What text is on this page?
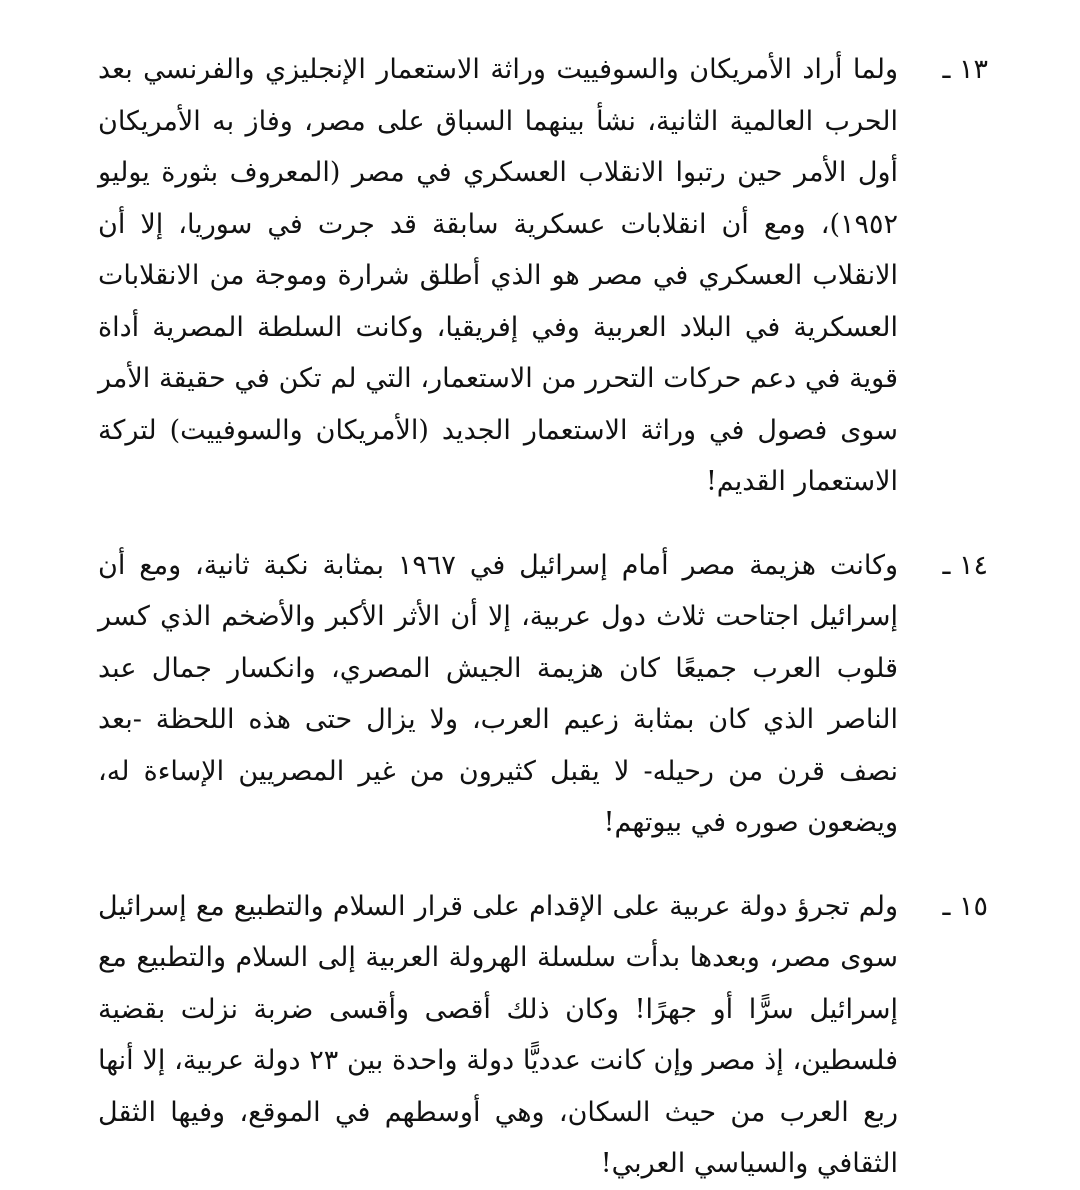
١٣ ـ
ولما أراد الأمريكان والسوفييت وراثة الاستعمار الإنجليزي والفرنسي بعد الحرب العالمية الثانية، نشأ بينهما السباق على مصر، وفاز به الأمريكان أول الأمر حين رتبوا الانقلاب العسكري في مصر (المعروف بثورة يوليو ١٩٥٢)، ومع أن انقلابات عسكرية سابقة قد جرت في سوريا، إلا أن الانقلاب العسكري في مصر هو الذي أطلق شرارة وموجة من الانقلابات العسكرية في البلاد العربية وفي إفريقيا، وكانت السلطة المصرية أداة قوية في دعم حركات التحرر من الاستعمار، التي لم تكن في حقيقة الأمر سوى فصول في وراثة الاستعمار الجديد (الأمريكان والسوفييت) لتركة الاستعمار القديم!
١٤ ـ
وكانت هزيمة مصر أمام إسرائيل في ١٩٦٧ بمثابة نكبة ثانية، ومع أن إسرائيل اجتاحت ثلاث دول عربية، إلا أن الأثر الأكبر والأضخم الذي كسر قلوب العرب جميعًا كان هزيمة الجيش المصري، وانكسار جمال عبد الناصر الذي كان بمثابة زعيم العرب، ولا يزال حتى هذه اللحظة -بعد نصف قرن من رحيله- لا يقبل كثيرون من غير المصريين الإساءة له، ويضعون صوره في بيوتهم!
١٥ ـ
ولم تجرؤ دولة عربية على الإقدام على قرار السلام والتطبيع مع إسرائيل سوى مصر، وبعدها بدأت سلسلة الهرولة العربية إلى السلام والتطبيع مع إسرائيل سرًّا أو جهرًا! وكان ذلك أقصى وأقسى ضربة نزلت بقضية فلسطين، إذ مصر وإن كانت عدديًّا دولة واحدة بين ٢٣ دولة عربية، إلا أنها ربع العرب من حيث السكان، وهي أوسطهم في الموقع، وفيها الثقل الثقافي والسياسي العربي!
